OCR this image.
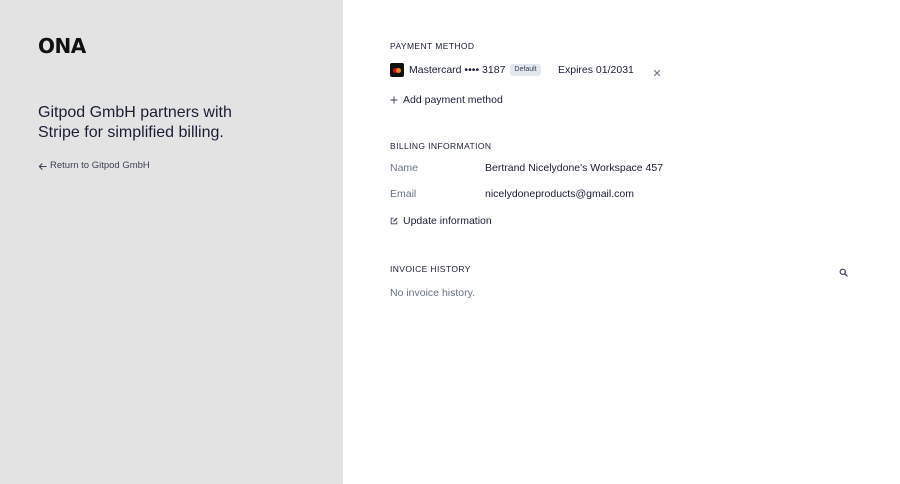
ONA
Gitpod GmbH partners with Stripe for simplified billing.
Return to Gitpod GmbH
PAYMENT METHOD
Mastercard •••• 3187	Default	Expires 01/2031
Add payment method
BILLING INFORMATION
Name	Bertrand Nicelydone's Workspace 457
Email	nicelydoneproducts@gmail.com
Update information
INVOICE HISTORY
No invoice history.
